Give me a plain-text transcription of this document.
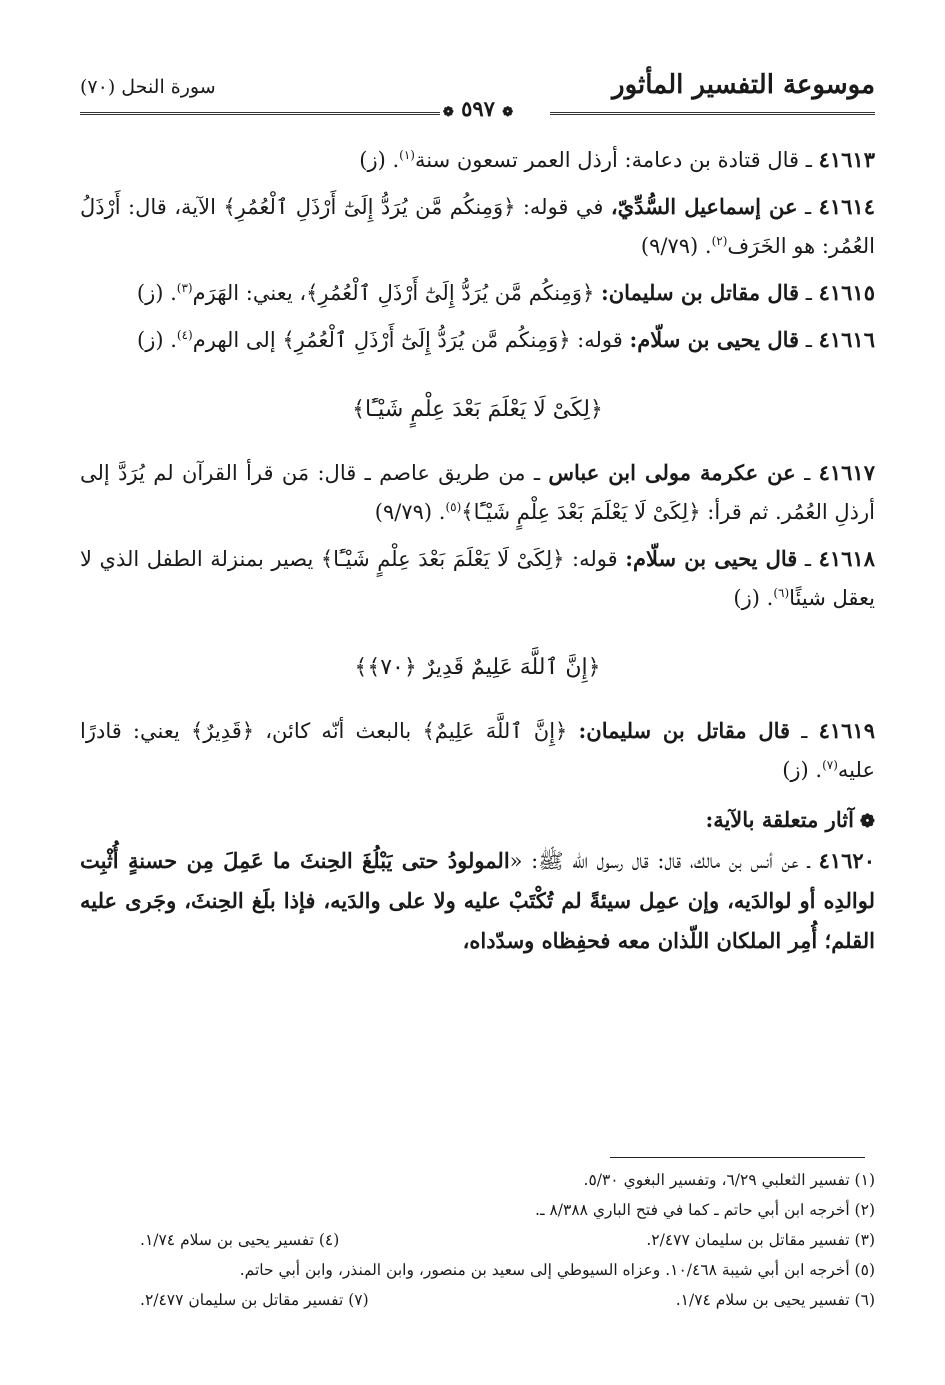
موسوعة التفسير المأثور
سورة النحل (٧٠)
❁ ٥٩٧ ❁

٤١٦١٣ ـ قال قتادة بن دعامة: أرذل العمر تسعون سنة$^{(١)}$. (ز)

٤١٦١٤ ـ عن إسماعيل السُّدِّيّ، في قوله: ﴿وَمِنكُم مَّن يُرَدُّ إِلَىٰٓ أَرْذَلِ ٱلْعُمُرِ﴾ الآية، قال: أَرْذَلُ العُمُر: هو الخَرَف$^{(٢)}$. (٩/٧٩)

٤١٦١٥ ـ قال مقاتل بن سليمان: ﴿وَمِنكُم مَّن يُرَدُّ إِلَىٰٓ أَرْذَلِ ٱلْعُمُرِ﴾، يعني: الهَرَم$^{(٣)}$. (ز)

٤١٦١٦ ـ قال يحيى بن سلّام: قوله: ﴿وَمِنكُم مَّن يُرَدُّ إِلَىٰٓ أَرْذَلِ ٱلْعُمُرِ﴾ إلى الهرم$^{(٤)}$. (ز)

﴿لِكَىْ لَا يَعْلَمَ بَعْدَ عِلْمٍ شَيْـًٔا﴾

٤١٦١٧ ـ عن عكرمة مولى ابن عباس ـ من طريق عاصم ـ قال: مَن قرأ القرآن لم يُرَدَّ إلى أرذلِ العُمُر. ثم قرأ: ﴿لِكَىْ لَا يَعْلَمَ بَعْدَ عِلْمٍ شَيْـًٔا﴾$^{(٥)}$. (٩/٧٩)

٤١٦١٨ ـ قال يحيى بن سلّام: قوله: ﴿لِكَىْ لَا يَعْلَمَ بَعْدَ عِلْمٍ شَيْـًٔا﴾ يصير بمنزلة الطفل الذي لا يعقل شيئًا$^{(٦)}$. (ز)

﴿إِنَّ ٱللَّهَ عَلِيمٌ قَدِيرٌ ﴿٧٠﴾﴾

٤١٦١٩ ـ قال مقاتل بن سليمان: ﴿إِنَّ ٱللَّهَ عَلِيمٌ﴾ بالبعث أنّه كائن، ﴿قَدِيرٌ﴾ يعني: قادرًا عليه$^{(٧)}$. (ز)

❁آثار متعلقة بالآية:

٤١٦٢٠ ـ عن أنس بن مالك، قال: قال رسول الله ﷺ: «المولودُ حتى يَبْلُغَ الحِنثَ ما عَمِلَ مِن حسنةٍ أُثْبِت لوالدِه أو لوالدَيه، وإن عمِل سيئةً لم تُكْتَبْ عليه ولا على والدَيه، فإذا بلَغ الحِنثَ، وجَرى عليه القلم؛ أُمِر الملكان اللّذان معه فحفِظاه وسدّداه،

(١) تفسير الثعلبي ٦/٢٩، وتفسير البغوي ٥/٣٠.
(٢) أخرجه ابن أبي حاتم ـ كما في فتح الباري ٨/٣٨٨ ـ.
(٣) تفسير مقاتل بن سليمان ٢/٤٧٧.
(٤) تفسير يحيى بن سلام ١/٧٤.
(٥) أخرجه ابن أبي شيبة ١٠/٤٦٨. وعزاه السيوطي إلى سعيد بن منصور، وابن المنذر، وابن أبي حاتم.
(٦) تفسير يحيى بن سلام ١/٧٤.
(٧) تفسير مقاتل بن سليمان ٢/٤٧٧.
